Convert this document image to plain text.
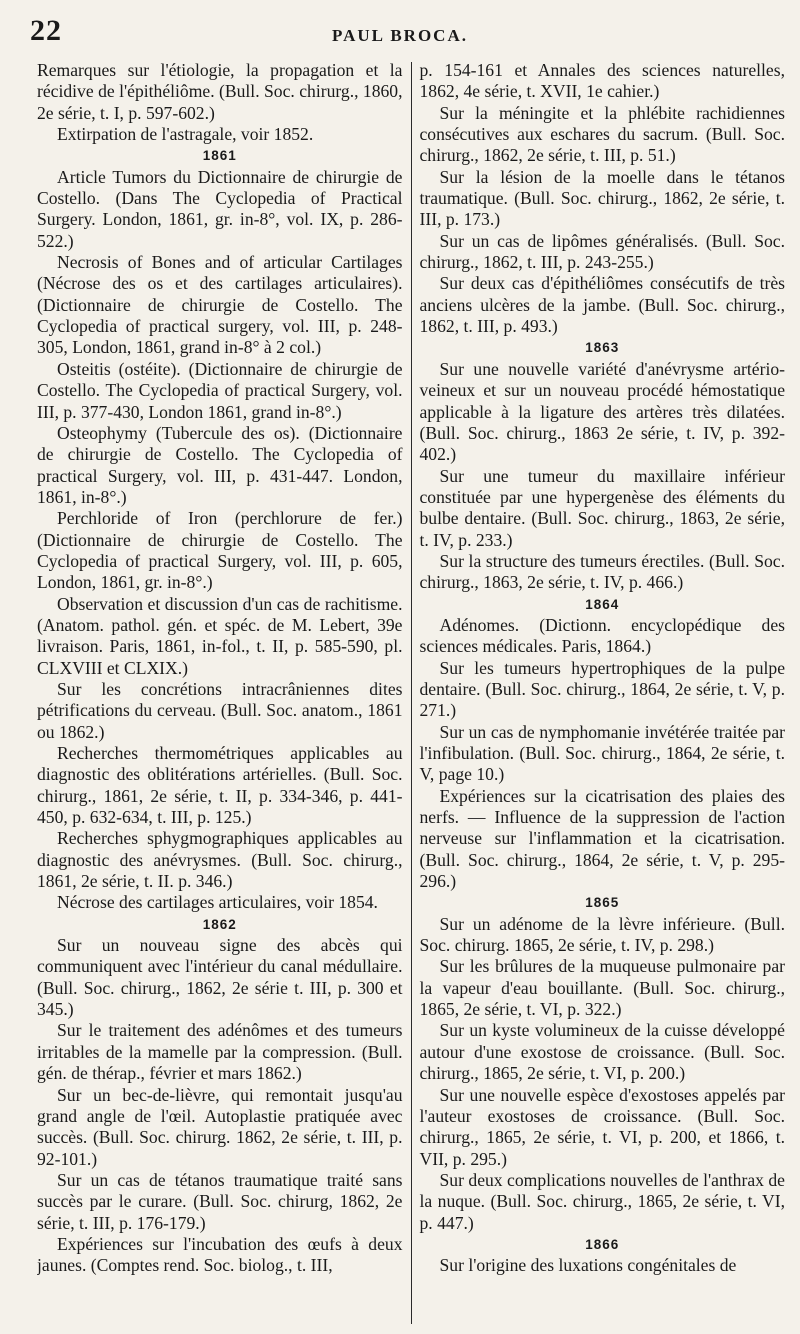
22	PAUL BROCA.

Remarques sur l'étiologie, la propagation et la récidive de l'épithéliôme. (Bull. Soc. chirurg., 1860, 2e série, t. I, p. 597-602.)

Extirpation de l'astragale, voir 1852.

1861

Article Tumors du Dictionnaire de chirurgie de Costello. (Dans The Cyclopedia of Practical Surgery. London, 1861, gr. in-8°, vol. IX, p. 286-522.)

Necrosis of Bones and of articular Cartilages (Nécrose des os et des cartilages articulaires). (Dictionnaire de chirurgie de Costello. The Cyclopedia of practical surgery, vol. III, p. 248-305, London, 1861, grand in-8° à 2 col.)

Osteitis (ostéite). (Dictionnaire de chirurgie de Costello. The Cyclopedia of practical Surgery, vol. III, p. 377-430, London 1861, grand in-8°.)

Osteophymy (Tubercule des os). (Dictionnaire de chirurgie de Costello. The Cyclopedia of practical Surgery, vol. III, p. 431-447. London, 1861, in-8°.)

Perchloride of Iron (perchlorure de fer.) (Dictionnaire de chirurgie de Costello. The Cyclopedia of practical Surgery, vol. III, p. 605, London, 1861, gr. in-8°.)

Observation et discussion d'un cas de rachitisme. (Anatom. pathol. gén. et spéc. de M. Lebert, 39e livraison. Paris, 1861, in-fol., t. II, p. 585-590, pl. CLXVIII et CLXIX.)

Sur les concrétions intracrâniennes dites pétrifications du cerveau. (Bull. Soc. anatom., 1861 ou 1862.)

Recherches thermométriques applicables au diagnostic des oblitérations artérielles. (Bull. Soc. chirurg., 1861, 2e série, t. II, p. 334-346, p. 441-450, p. 632-634, t. III, p. 125.)

Recherches sphygmographiques applicables au diagnostic des anévrysmes. (Bull. Soc. chirurg., 1861, 2e série, t. II. p. 346.)

Nécrose des cartilages articulaires, voir 1854.

1862

Sur un nouveau signe des abcès qui communiquent avec l'intérieur du canal médullaire. (Bull. Soc. chirurg., 1862, 2e série t. III, p. 300 et 345.)

Sur le traitement des adénômes et des tumeurs irritables de la mamelle par la compression. (Bull. gén. de thérap., février et mars 1862.)

Sur un bec-de-lièvre, qui remontait jusqu'au grand angle de l'œil. Autoplastie pratiquée avec succès. (Bull. Soc. chirurg. 1862, 2e série, t. III, p. 92-101.)

Sur un cas de tétanos traumatique traité sans succès par le curare. (Bull. Soc. chirurg, 1862, 2e série, t. III, p. 176-179.)

Expériences sur l'incubation des œufs à deux jaunes. (Comptes rend. Soc. biolog., t. III,

p. 154-161 et Annales des sciences naturelles, 1862, 4e série, t. XVII, 1e cahier.)

Sur la méningite et la phlébite rachidiennes consécutives aux eschares du sacrum. (Bull. Soc. chirurg., 1862, 2e série, t. III, p. 51.)

Sur la lésion de la moelle dans le tétanos traumatique. (Bull. Soc. chirurg., 1862, 2e série, t. III, p. 173.)

Sur un cas de lipômes généralisés. (Bull. Soc. chirurg., 1862, t. III, p. 243-255.)

Sur deux cas d'épithéliômes consécutifs de très anciens ulcères de la jambe. (Bull. Soc. chirurg., 1862, t. III, p. 493.)

1863

Sur une nouvelle variété d'anévrysme artério-veineux et sur un nouveau procédé hémostatique applicable à la ligature des artères très dilatées. (Bull. Soc. chirurg., 1863 2e série, t. IV, p. 392-402.)

Sur une tumeur du maxillaire inférieur constituée par une hypergenèse des éléments du bulbe dentaire. (Bull. Soc. chirurg., 1863, 2e série, t. IV, p. 233.)

Sur la structure des tumeurs érectiles. (Bull. Soc. chirurg., 1863, 2e série, t. IV, p. 466.)

1864

Adénomes. (Dictionn. encyclopédique des sciences médicales. Paris, 1864.)

Sur les tumeurs hypertrophiques de la pulpe dentaire. (Bull. Soc. chirurg., 1864, 2e série, t. V, p. 271.)

Sur un cas de nymphomanie invétérée traitée par l'infibulation. (Bull. Soc. chirurg., 1864, 2e série, t. V, page 10.)

Expériences sur la cicatrisation des plaies des nerfs. — Influence de la suppression de l'action nerveuse sur l'inflammation et la cicatrisation. (Bull. Soc. chirurg., 1864, 2e série, t. V, p. 295-296.)

1865

Sur un adénome de la lèvre inférieure. (Bull. Soc. chirurg. 1865, 2e série, t. IV, p. 298.)

Sur les brûlures de la muqueuse pulmonaire par la vapeur d'eau bouillante. (Bull. Soc. chirurg., 1865, 2e série, t. VI, p. 322.)

Sur un kyste volumineux de la cuisse développé autour d'une exostose de croissance. (Bull. Soc. chirurg., 1865, 2e série, t. VI, p. 200.)

Sur une nouvelle espèce d'exostoses appelés par l'auteur exostoses de croissance. (Bull. Soc. chirurg., 1865, 2e série, t. VI, p. 200, et 1866, t. VII, p. 295.)

Sur deux complications nouvelles de l'anthrax de la nuque. (Bull. Soc. chirurg., 1865, 2e série, t. VI, p. 447.)

1866

Sur l'origine des luxations congénitales de
